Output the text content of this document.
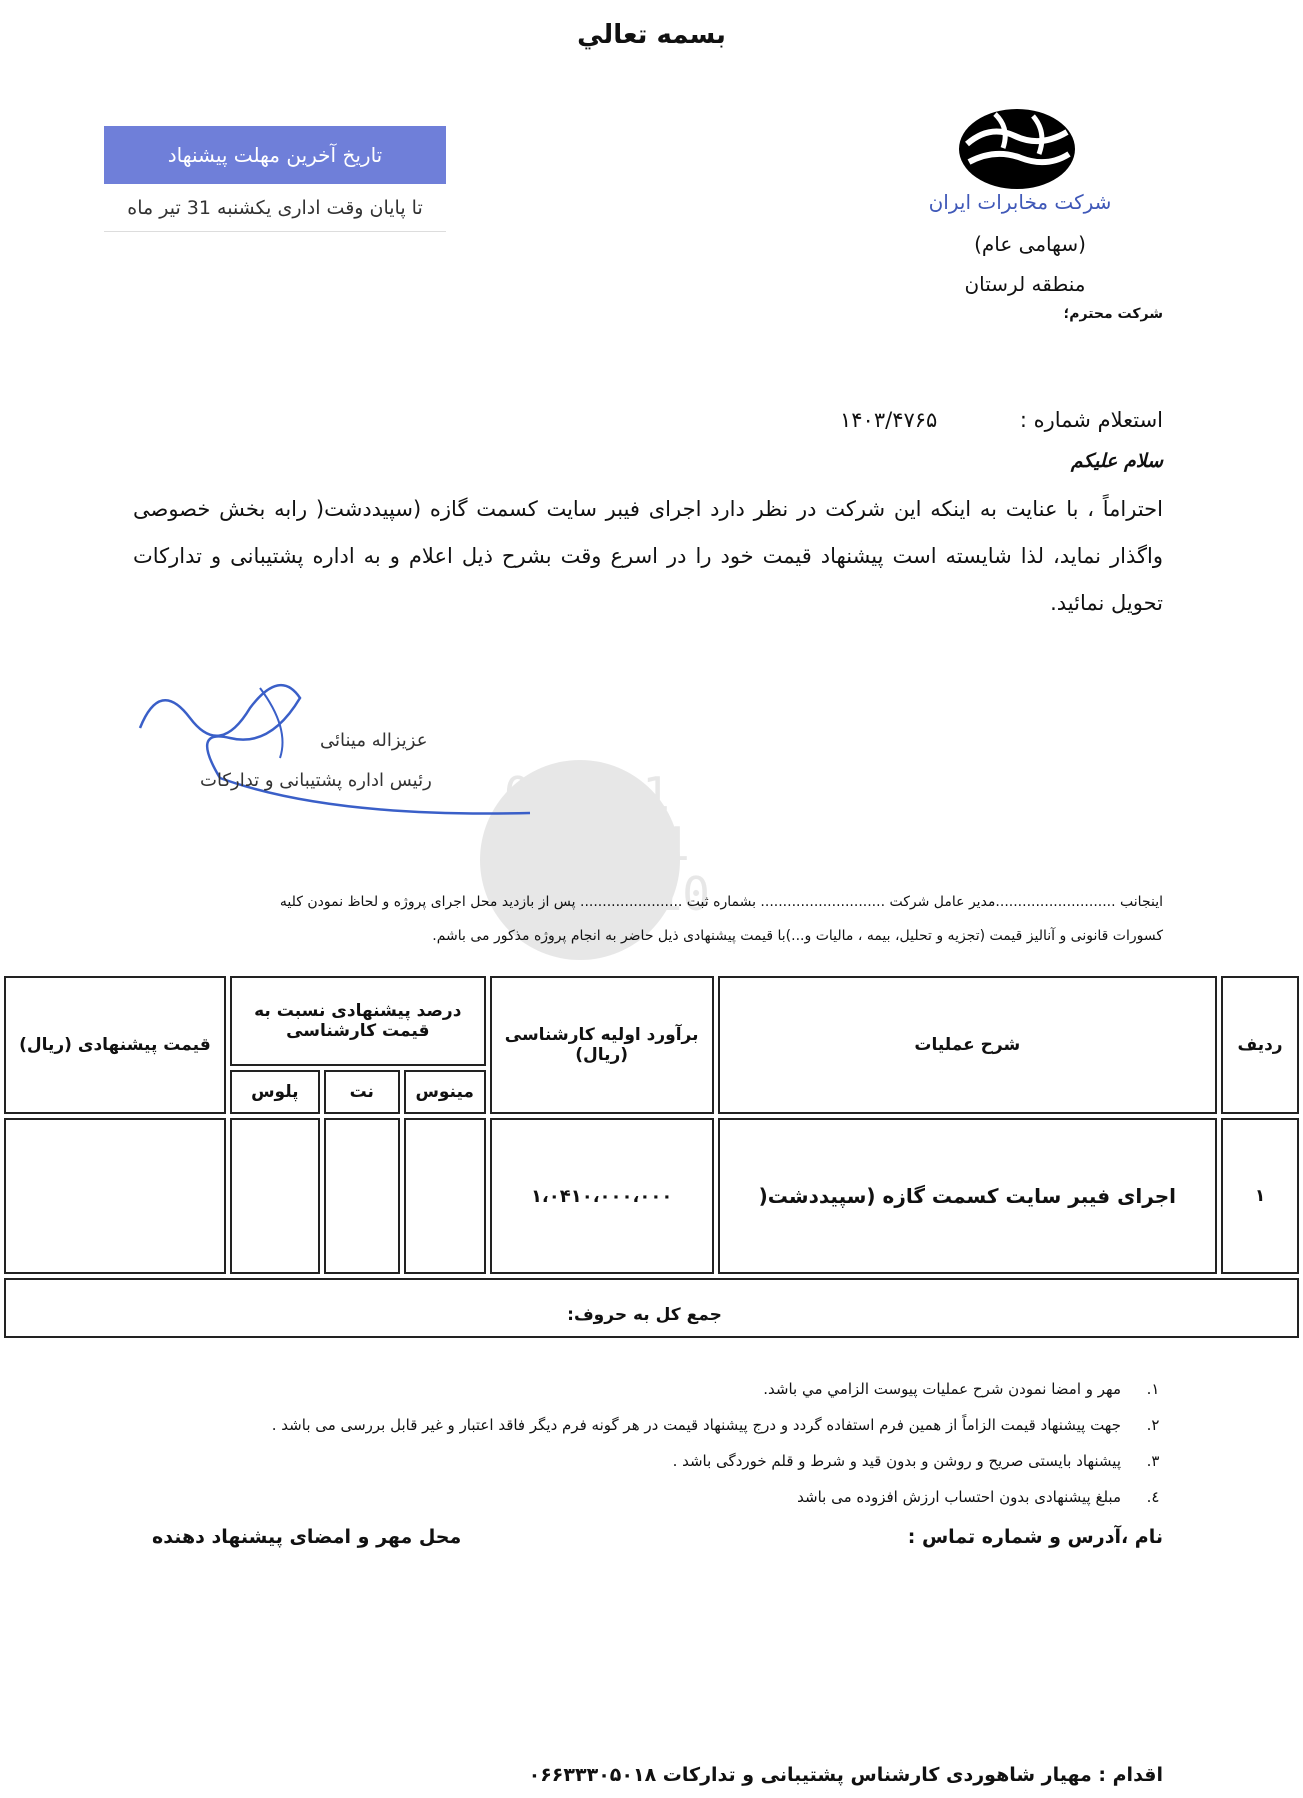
بسمه تعالي
تاریخ آخرین مهلت پیشنهاد
تا پایان وقت اداری یکشنبه 31 تیر ماه	شرکت مخابرات ایران
(سهامی عام)
منطقه لرستان
شرکت محترم؛
استعلام شماره :
۱۴۰۳/۴۷۶۵
سلام علیکم
احتراماً ، با عنایت به اینکه این شرکت در نظر دارد اجرای فیبر سایت کسمت گازه (سپیددشت( رابه بخش خصوصی واگذار نماید، لذا شایسته است پیشنهاد قیمت خود را در اسرع وقت بشرح ذیل اعلام و به اداره پشتیبانی و تدارکات تحویل نمائید.
010101
0001
10
عزیزاله مینائی
رئیس اداره پشتیبانی و تدارکات
اینجانب ...........................مدیر عامل شرکت ............................ بشماره ثبت ....................... پس از بازدید محل اجرای پروژه و لحاظ نمودن کلیه
کسورات قانونی و آنالیز قیمت (تجزیه و تحلیل، بیمه ، مالیات و...)با قیمت پیشنهادی ذیل حاضر به انجام پروژه مذکور می باشم.
ردیف	شرح عملیات	برآورد اولیه کارشناسی (ریال)	درصد پیشنهادی نسبت به قیمت کارشناسی			قیمت پیشنهادی (ریال)
			مینوس	نت	پلوس	
۱	اجرای فیبر سایت کسمت گازه (سپیددشت(	۱،۰۴۱۰،۰۰۰،۰۰۰				
جمع کل به حروف:						
۱.
مهر و امضا نمودن شرح عملیات پیوست الزامي مي باشد.
۲.
جهت پیشنهاد قیمت الزاماً از همین فرم استفاده گردد و درج پیشنهاد قیمت در هر گونه فرم دیگر فاقد اعتبار و غیر قابل بررسی می باشد .
۳.
پیشنهاد بایستی صریح و روشن و بدون قید و شرط و قلم خوردگی باشد .
٤.
مبلغ پیشنهادی بدون احتساب ارزش افزوده می باشد
نام ،آدرس و شماره تماس :
محل مهر و امضای پیشنهاد دهنده
اقدام : مهیار شاهوردی کارشناس پشتیبانی و تدارکات ۰۶۶۳۳۳۰۵۰۱۸
